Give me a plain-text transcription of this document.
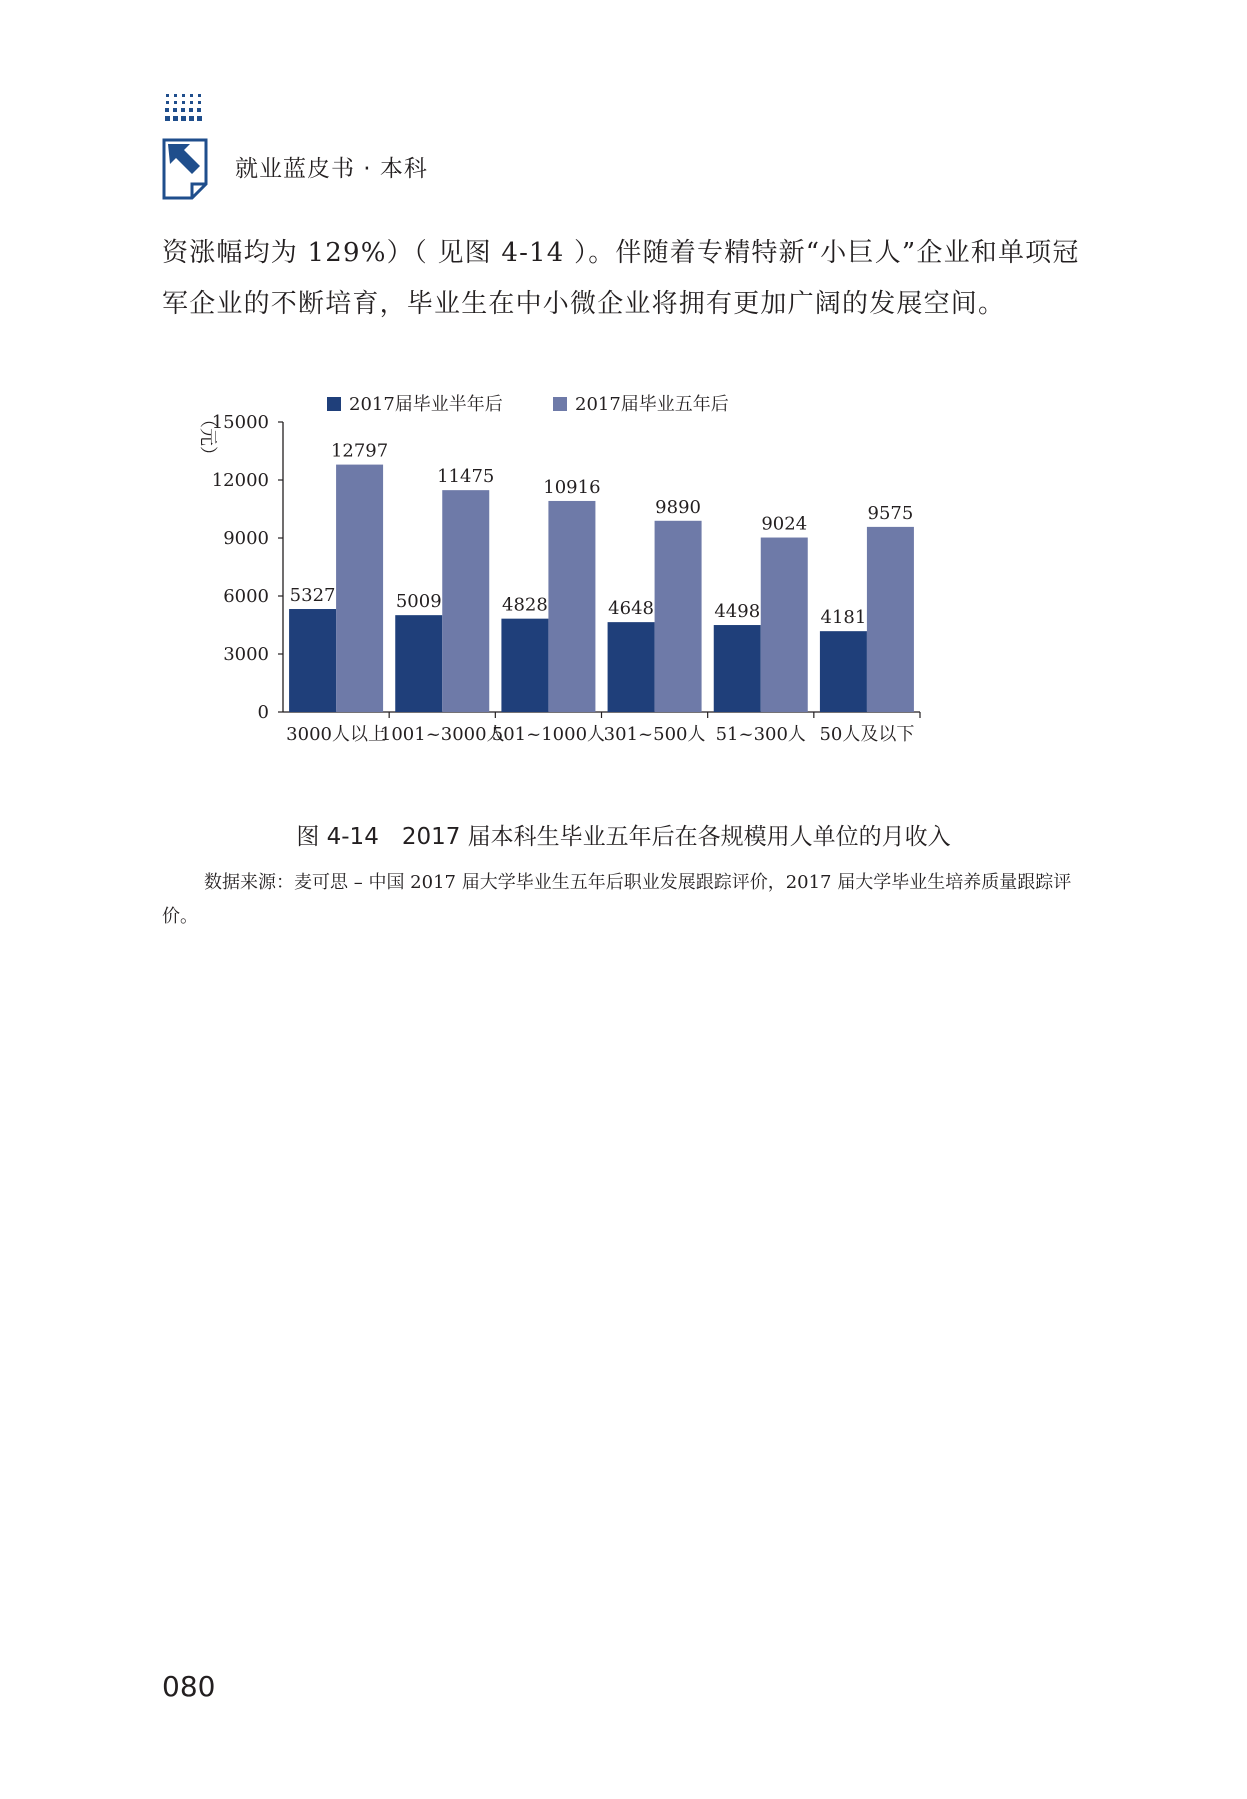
就业蓝皮书 · 本科

资涨幅均为 129%）（ 见图 4-14 ）。伴随着专精特新“小巨人”企业和单项冠

军企业的不断培育，毕业生在中小微企业将拥有更加广阔的发展空间。

0
3000
6000
9000
12000
15000
（元）
5327
12797
3000人以上
5009
11475
1001~3000人
4828
10916
501~1000人
4648
9890
301~500人
4498
9024
51~300人
4181
9575
50人及以下
2017届毕业半年后	2017届毕业五年后
图 4-14　2017 届本科生毕业五年后在各规模用人单位的月收入
数据来源：麦可思 – 中国 2017 届大学毕业生五年后职业发展跟踪评价，2017 届大学毕业生培养质量跟踪评价。
080
